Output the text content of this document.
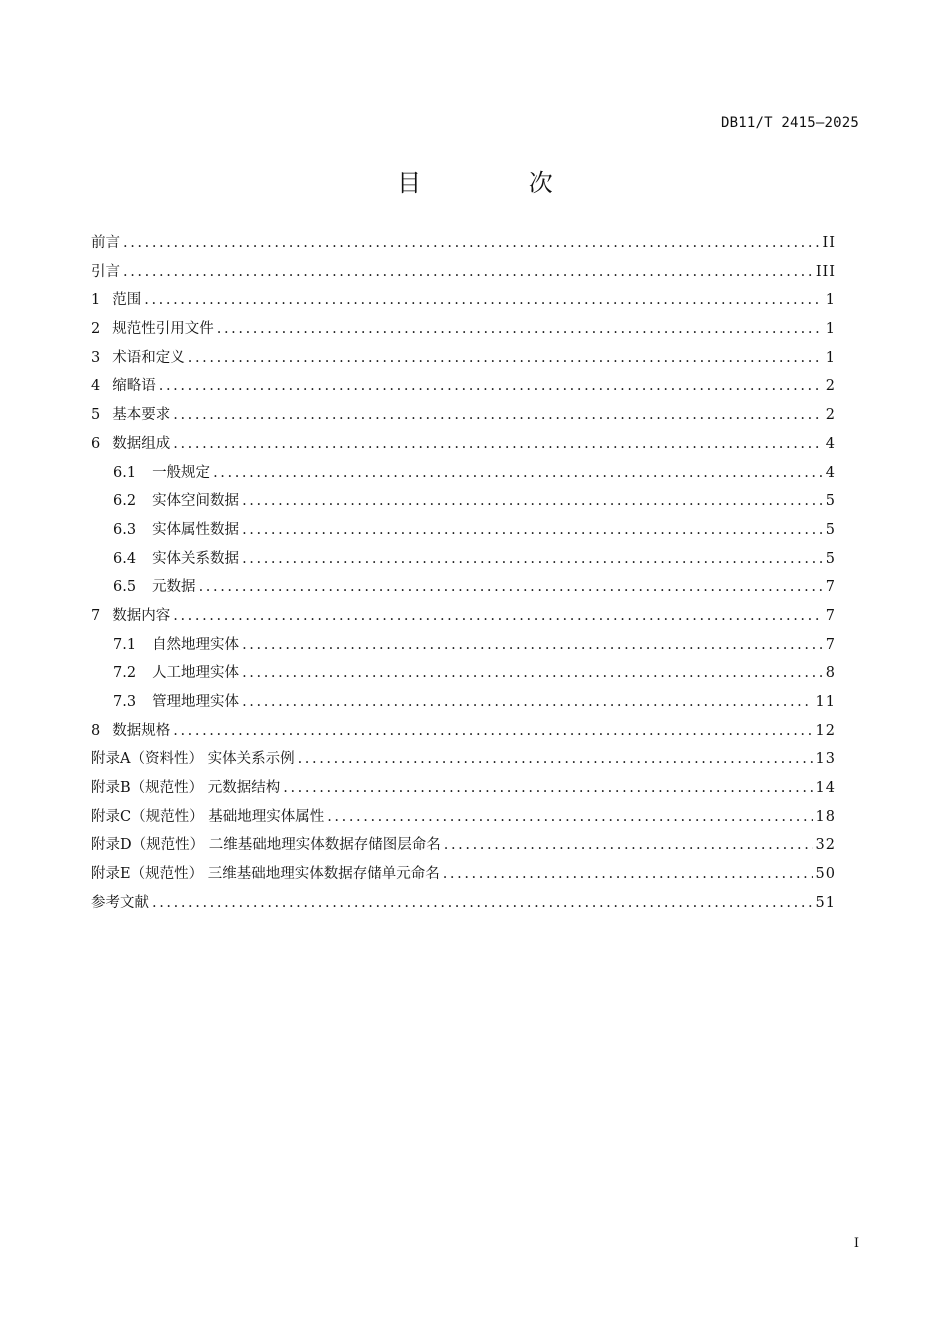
DB11/T 2415—2025
目 次
前言 .....	II
引言 .....	III
1 范围 .....	1
2 规范性引用文件 .....	1
3 术语和定义 .....	1
4 缩略语 .....	2
5 基本要求 .....	2
6 数据组成 .....	4
6.1 一般规定 .....	4
6.2 实体空间数据 .....	5
6.3 实体属性数据 .....	5
6.4 实体关系数据 .....	5
6.5 元数据 .....	7
7 数据内容 .....	7
7.1 自然地理实体 .....	7
7.2 人工地理实体 .....	8
7.3 管理地理实体 .....	11
8 数据规格 .....	12
附录A（资料性） 实体关系示例 .....	13
附录B（规范性） 元数据结构 .....	14
附录C（规范性） 基础地理实体属性 .....	18
附录D（规范性） 二维基础地理实体数据存储图层命名 .....	32
附录E（规范性） 三维基础地理实体数据存储单元命名 .....	50
参考文献 .....	51
I
